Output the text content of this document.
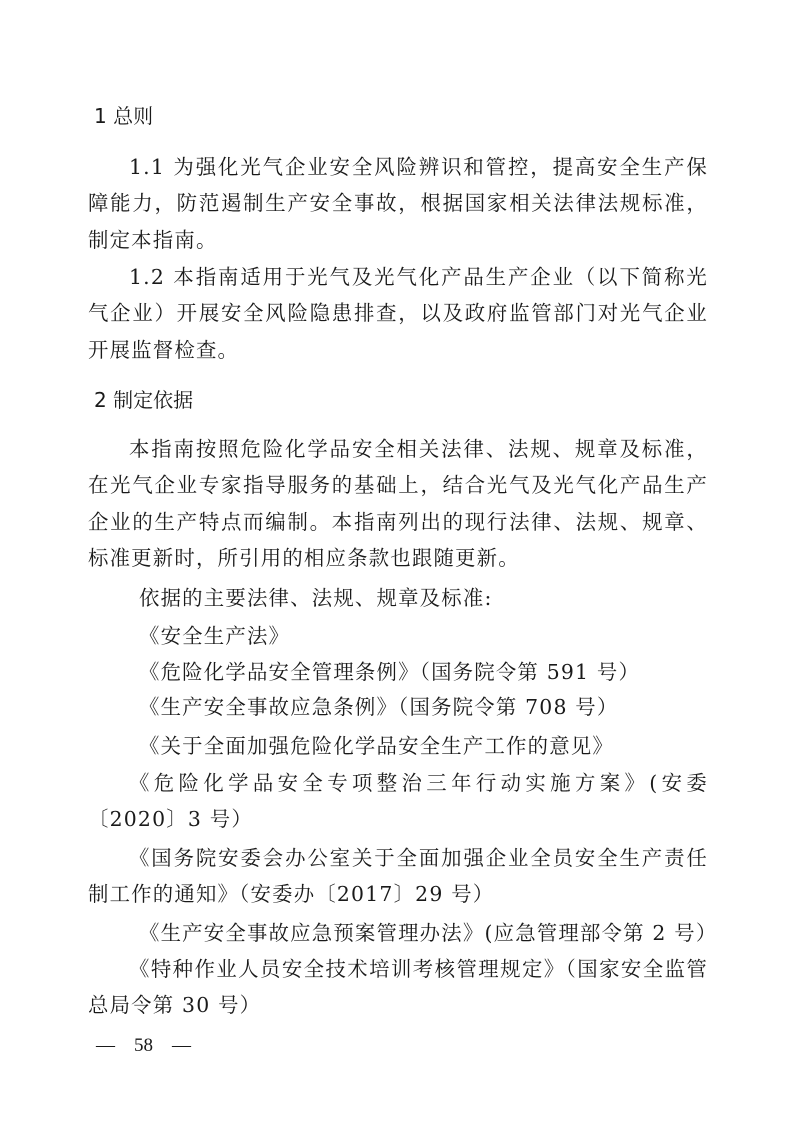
1 总则

1.1 为强化光气企业安全风险辨识和管控，提高安全生产保障能力，防范遏制生产安全事故，根据国家相关法律法规标准，制定本指南。

1.2 本指南适用于光气及光气化产品生产企业（以下简称光气企业）开展安全风险隐患排查，以及政府监管部门对光气企业开展监督检查。

2 制定依据

本指南按照危险化学品安全相关法律、法规、规章及标准，在光气企业专家指导服务的基础上，结合光气及光气化产品生产企业的生产特点而编制。本指南列出的现行法律、法规、规章、标准更新时，所引用的相应条款也跟随更新。

依据的主要法律、法规、规章及标准:
《安全生产法》
《危险化学品安全管理条例》（国务院令第 591 号）
《生产安全事故应急条例》（国务院令第 708 号）
《关于全面加强危险化学品安全生产工作的意见》

《危险化学品安全专项整治三年行动实施方案》(安委〔2020〕3 号）

《国务院安委会办公室关于全面加强企业全员安全生产责任制工作的通知》（安委办〔2017〕29 号）

《生产安全事故应急预案管理办法》(应急管理部令第 2 号）

《特种作业人员安全技术培训考核管理规定》（国家安全监管总局令第 30 号）

—　58　—
